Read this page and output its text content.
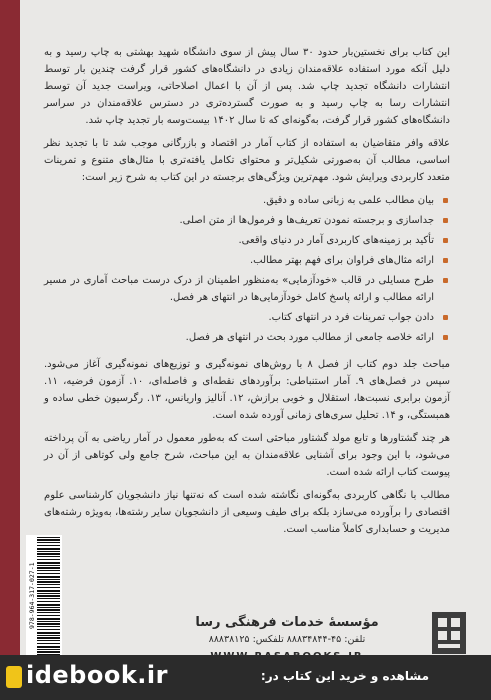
این کتاب برای نخستین‌بار حدود ۳۰ سال پیش از سوی دانشگاه شهید بهشتی به چاپ رسید و به دلیل آنکه مورد استفاده علاقه‌مندان زیادی در دانشگاه‌های کشور قرار گرفت چندین بار توسط انتشارات دانشگاه تجدید چاپ شد. پس از آن با اعمال اصلاحاتی، ویراست جدید آن توسط انتشارات رسا به چاپ رسید و به صورت گسترده‌تری در دسترس علاقه‌مندان در سراسر دانشگاه‌های کشور قرار گرفت، به‌گونه‌ای که تا سال ۱۴۰۲ بیست‌وسه بار تجدید چاپ شد.

علاقه وافر متقاضیان به استفاده از کتاب آمار در اقتصاد و بازرگانی موجب شد تا با تجدید نظر اساسی، مطالب آن به‌صورتی شکیل‌تر و محتوای تکامل یافته‌تری با مثال‌های متنوع و تمرینات متعدد کاربردی ویرایش شود. مهم‌ترین ویژگی‌های برجسته در این کتاب به شرح زیر است:

بیان مطالب علمی به زبانی ساده و دقیق.
جداسازی و برجسته نمودن تعریف‌ها و فرمول‌ها از متن اصلی.
تأکید بر زمینه‌های کاربردی آمار در دنیای واقعی.
ارائه مثال‌های فراوان برای فهم بهتر مطالب.
طرح مسایلی در قالب «خودآزمایی» به‌منظور اطمینان از درک درست مباحث آماری در مسیر ارائه مطالب و ارائه پاسخ کامل خودآزمایی‌ها در انتهای هر فصل.
دادن جواب تمرینات فرد در انتهای کتاب.
ارائه خلاصه جامعی از مطالب مورد بحث در انتهای هر فصل.

مباحث جلد دوم کتاب از فصل ۸ با روش‌های نمونه‌گیری و توزیع‌های نمونه‌گیری آغاز می‌شود. سپس در فصل‌های ۹. آمار استنباطی: برآوردهای نقطه‌ای و فاصله‌ای، ۱۰. آزمون فرضیه، ۱۱. آزمون برابری نسبت‌ها، استقلال و خوبی برازش، ۱۲. آنالیز واریانس، ۱۳. رگرسیون خطی ساده و همبستگی، و ۱۴. تحلیل سری‌های زمانی آورده شده است.

هر چند گشتاورها و تابع مولد گشتاور مباحثی است که به‌طور معمول در آمار ریاضی به آن پرداخته می‌شود، با این وجود برای آشنایی علاقه‌مندان به این مباحث، شرح جامع ولی کوتاهی از آن در پیوست کتاب ارائه شده است.

مطالب با نگاهی کاربردی به‌گونه‌ای نگاشته شده است که نه‌تنها نیاز دانشجویان کارشناسی علوم اقتصادی را برآورده می‌سازد بلکه برای طیف وسیعی از دانشجویان سایر رشته‌ها، به‌ویژه رشته‌های مدیریت و حسابداری کاملاً مناسب است.

978-964-317-027-1	مؤسسهٔ خدمات فرهنگی رسا
تلفن: ۴۵-۸۸۸۳۴۸۴۴ تلفکس: ۸۸۸۳۸۱۲۵
idebook.ir	مشاهده و خرید این کتاب در:
